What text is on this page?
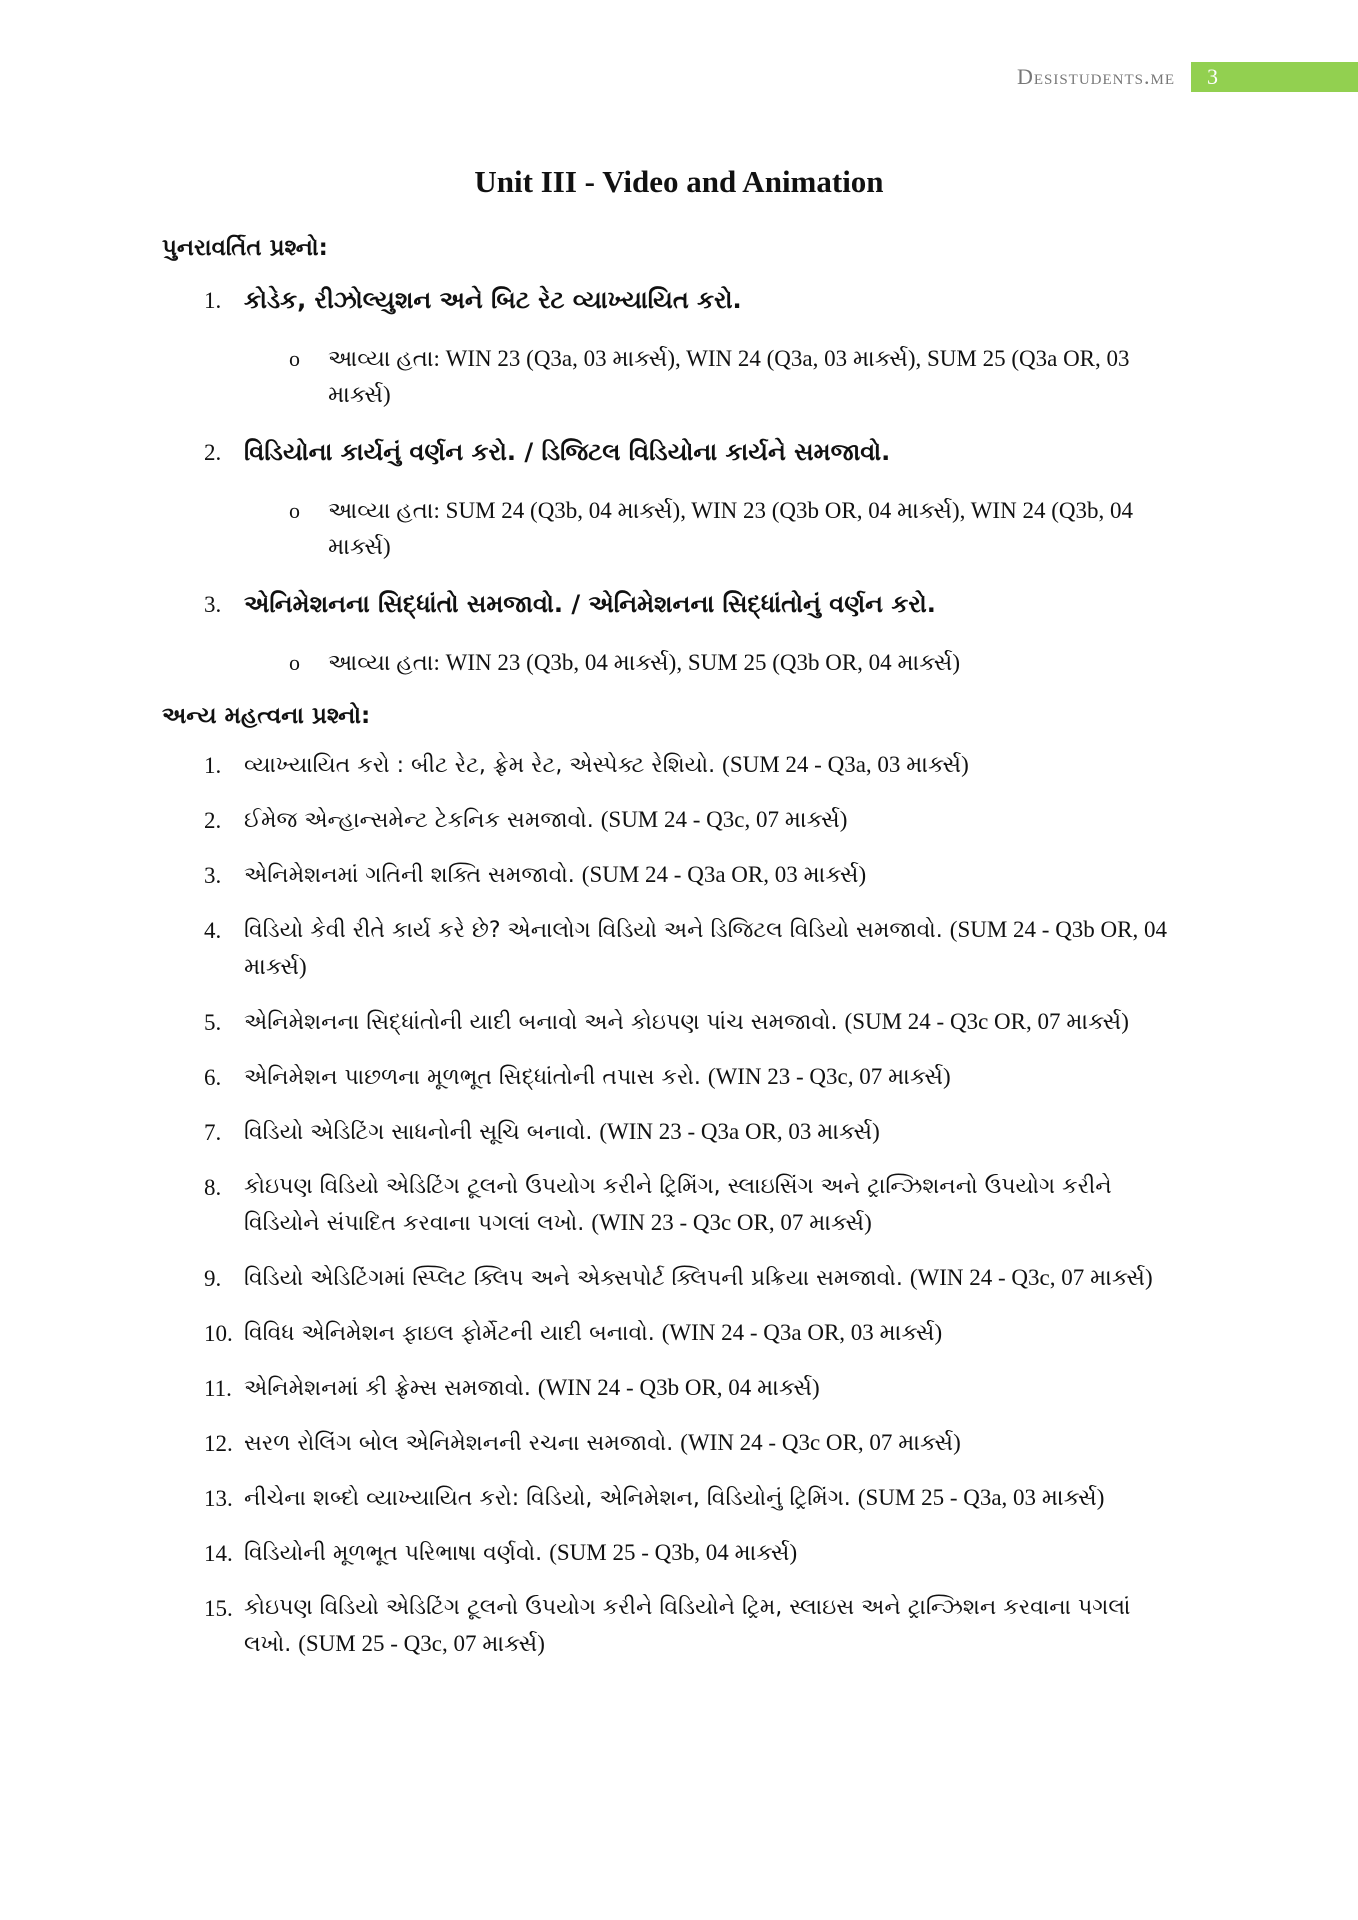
Desistudents.me	3
Unit III - Video and Animation
પુનરાવર્તિત પ્રશ્નો:
1. કોડેક, રીઝોલ્યુશન અને બિટ રેટ વ્યાખ્યાયિત કરો.
o આવ્યા હતા: WIN 23 (Q3a, 03 માર્ક્સ), WIN 24 (Q3a, 03 માર્ક્સ), SUM 25 (Q3a OR, 03 માર્ક્સ)
2. વિડિયોના કાર્યનું વર્ણન કરો. / ડિજિટલ વિડિયોના કાર્યને સમજાવો.
o આવ્યા હતા: SUM 24 (Q3b, 04 માર્ક્સ), WIN 23 (Q3b OR, 04 માર્ક્સ), WIN 24 (Q3b, 04 માર્ક્સ)
3. એનિમેશનના સિદ્ધાંતો સમજાવો. / એનિમેશનના સિદ્ધાંતોનું વર્ણન કરો.
o આવ્યા હતા: WIN 23 (Q3b, 04 માર્ક્સ), SUM 25 (Q3b OR, 04 માર્ક્સ)
અન્ય મહત્વના પ્રશ્નો:
1. વ્યાખ્યાયિત કરો : બીટ રેટ, ફ્રેમ રેટ, એસ્પેક્ટ રેશિયો. (SUM 24 - Q3a, 03 માર્ક્સ)
2. ઈમેજ એન્હાન્સમેન્ટ ટેકનિક સમજાવો. (SUM 24 - Q3c, 07 માર્ક્સ)
3. એનિમેશનમાં ગતિની શક્તિ સમજાવો. (SUM 24 - Q3a OR, 03 માર્ક્સ)
4. વિડિયો કેવી રીતે કાર્ય કરે છે? એનાલોગ વિડિયો અને ડિજિટલ વિડિયો સમજાવો. (SUM 24 - Q3b OR, 04 માર્ક્સ)
5. એનિમેશનના સિદ્ધાંતોની યાદી બનાવો અને કોઇપણ પાંચ સમજાવો. (SUM 24 - Q3c OR, 07 માર્ક્સ)
6. એનિમેશન પાછળના મૂળભૂત સિદ્ધાંતોની તપાસ કરો. (WIN 23 - Q3c, 07 માર્ક્સ)
7. વિડિયો એડિટિંગ સાધનોની સૂચિ બનાવો. (WIN 23 - Q3a OR, 03 માર્ક્સ)
8. કોઇપણ વિડિયો એડિટિંગ ટૂલનો ઉપયોગ કરીને ટ્રિમિંગ, સ્લાઇસિંગ અને ટ્રાન્ઝિશનનો ઉપયોગ કરીને વિડિયોને સંપાદિત કરવાના પગલાં લખો. (WIN 23 - Q3c OR, 07 માર્ક્સ)
9. વિડિયો એડિટિંગમાં સ્પ્લિટ ક્લિપ અને એક્સપોર્ટ ક્લિપની પ્રક્રિયા સમજાવો. (WIN 24 - Q3c, 07 માર્ક્સ)
10. વિવિધ એનિમેશન ફાઇલ ફોર્મેટની યાદી બનાવો. (WIN 24 - Q3a OR, 03 માર્ક્સ)
11. એનિમેશનમાં કી ફ્રેમ્સ સમજાવો. (WIN 24 - Q3b OR, 04 માર્ક્સ)
12. સરળ રોલિંગ બોલ એનિમેશનની રચના સમજાવો. (WIN 24 - Q3c OR, 07 માર્ક્સ)
13. નીચેના શબ્દો વ્યાખ્યાયિત કરો: વિડિયો, એનિમેશન, વિડિયોનું ટ્રિમિંગ. (SUM 25 - Q3a, 03 માર્ક્સ)
14. વિડિયોની મૂળભૂત પરિભાષા વર્ણવો. (SUM 25 - Q3b, 04 માર્ક્સ)
15. કોઇપણ વિડિયો એડિટિંગ ટૂલનો ઉપયોગ કરીને વિડિયોને ટ્રિમ, સ્લાઇસ અને ટ્રાન્ઝિશન કરવાના પગલાં લખો. (SUM 25 - Q3c, 07 માર્ક્સ)
